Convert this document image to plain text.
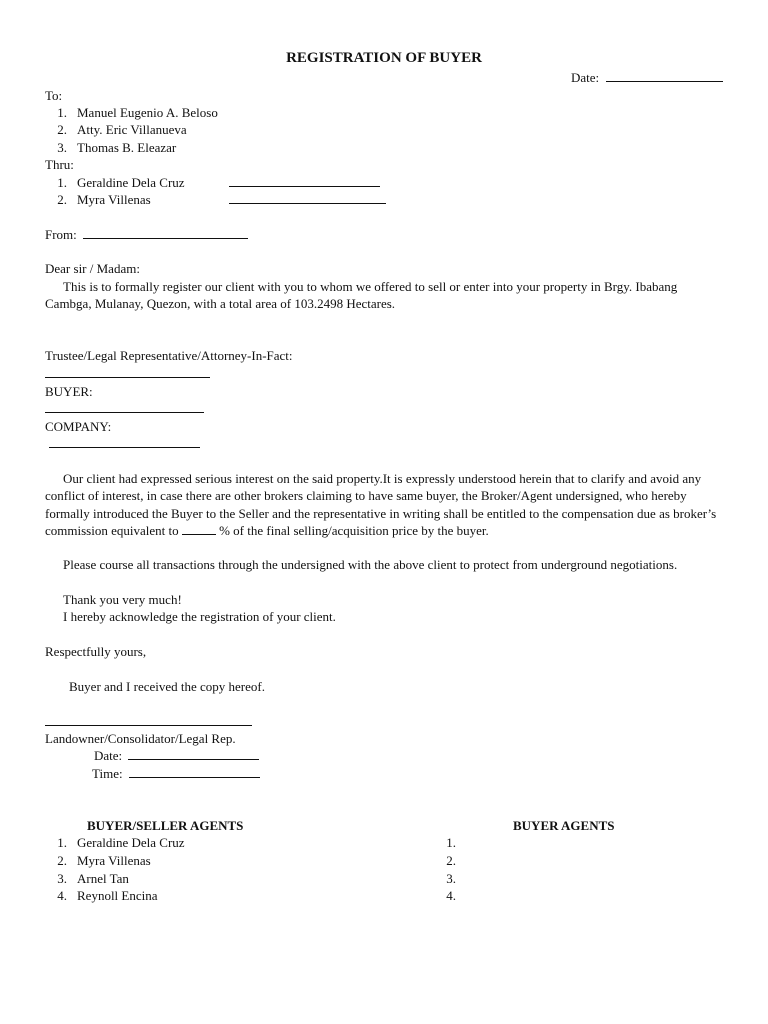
REGISTRATION OF BUYER
Date:
To:
1. Manuel Eugenio A. Beloso
2. Atty. Eric Villanueva
3. Thomas B. Eleazar
Thru:
1. Geraldine Dela Cruz
2. Myra Villenas
From:
Dear sir / Madam:
This is to formally register our client with you to whom we offered to sell or enter into your property in Brgy. Ibabang Cambga, Mulanay, Quezon, with a total area of 103.2498 Hectares.
Trustee/Legal Representative/Attorney-In-Fact:
BUYER:
COMPANY:
Our client had expressed serious interest on the said property.It is expressly understood herein that to clarify and avoid any conflict of interest, in case there are other brokers claiming to have same buyer, the Broker/Agent undersigned, who hereby formally introduced the Buyer to the Seller and the representative in writing shall be entitled to the compensation due as broker’s commission equivalent to	% of the final selling/acquisition price by the buyer.
Please course all transactions through the undersigned with the above client to protect from underground negotiations.
Thank you very much!
I hereby acknowledge the registration of your client.
Respectfully yours,
Buyer and I received the copy hereof.
Landowner/Consolidator/Legal Rep.
Date:
Time:
BUYER/SELLER AGENTS	BUYER AGENTS
1. Geraldine Dela Cruz
2. Myra Villenas
3. Arnel Tan
4. Reynoll Encina
1.
2.
3.
4.
